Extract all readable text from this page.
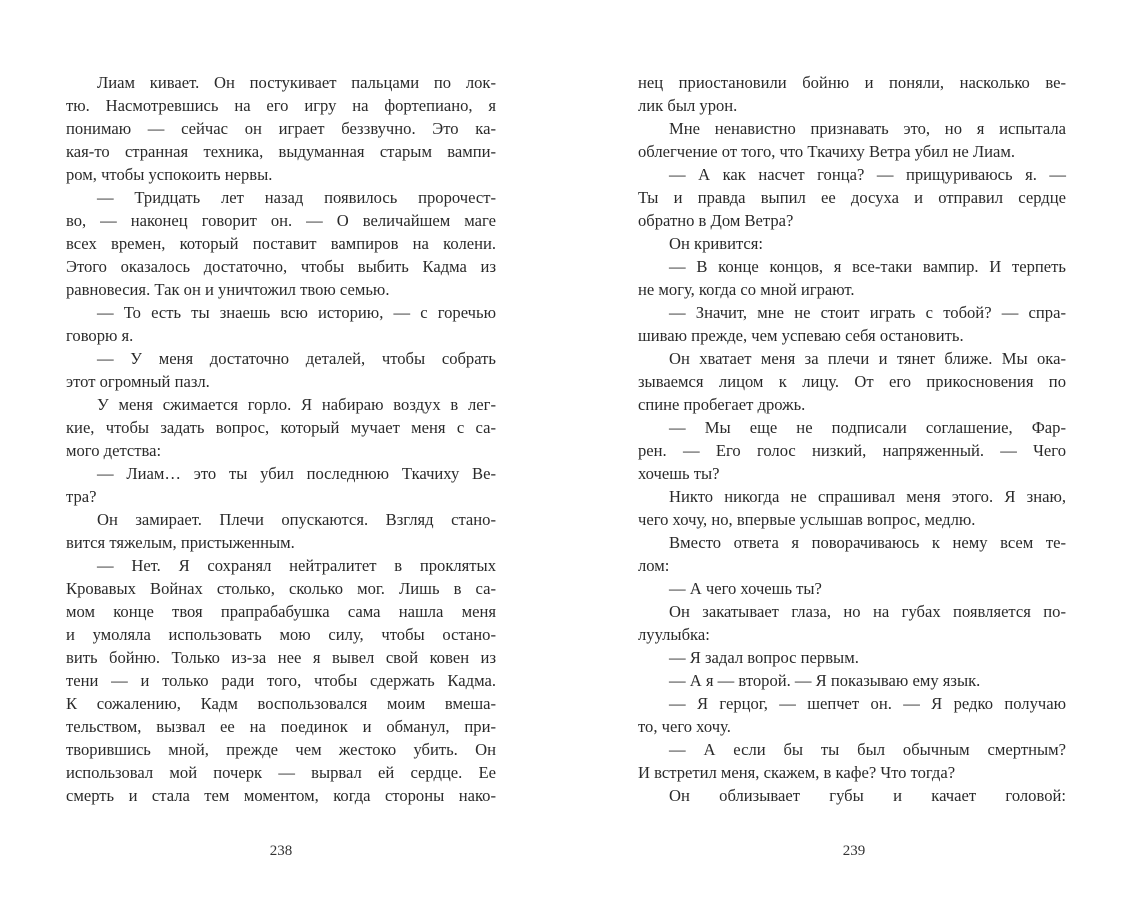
Лиам кивает. Он постукивает пальцами по лок-
тю. Насмотревшись на его игру на фортепиано, я
понимаю — сейчас он играет беззвучно. Это ка-
кая-то странная техника, выдуманная старым вампи-
ром, чтобы успокоить нервы.
— Тридцать лет назад появилось пророчест-
во, — наконец говорит он. — О величайшем маге
всех времен, который поставит вампиров на колени.
Этого оказалось достаточно, чтобы выбить Кадма из
равновесия. Так он и уничтожил твою семью.
— То есть ты знаешь всю историю, — с горечью
говорю я.
— У меня достаточно деталей, чтобы собрать
этот огромный пазл.
У меня сжимается горло. Я набираю воздух в лег-
кие, чтобы задать вопрос, который мучает меня с са-
мого детства:
— Лиам… это ты убил последнюю Ткачиху Ве-
тра?
Он замирает. Плечи опускаются. Взгляд стано-
вится тяжелым, пристыженным.
— Нет. Я сохранял нейтралитет в проклятых
Кровавых Войнах столько, сколько мог. Лишь в са-
мом конце твоя прапрабабушка сама нашла меня
и умоляла использовать мою силу, чтобы остано-
вить бойню. Только из-за нее я вывел свой ковен из
тени — и только ради того, чтобы сдержать Кадма.
К сожалению, Кадм воспользовался моим вмеша-
тельством, вызвал ее на поединок и обманул, при-
творившись мной, прежде чем жестоко убить. Он
использовал мой почерк — вырвал ей сердце. Ее
смерть и стала тем моментом, когда стороны нако-
нец приостановили бойню и поняли, насколько ве-
лик был урон.
Мне ненавистно признавать это, но я испытала
облегчение от того, что Ткачиху Ветра убил не Лиам.
— А как насчет гонца? — прищуриваюсь я. —
Ты и правда выпил ее досуха и отправил сердце
обратно в Дом Ветра?
Он кривится:
— В конце концов, я все-таки вампир. И терпеть
не могу, когда со мной играют.
— Значит, мне не стоит играть с тобой? — спра-
шиваю прежде, чем успеваю себя остановить.
Он хватает меня за плечи и тянет ближе. Мы ока-
зываемся лицом к лицу. От его прикосновения по
спине пробегает дрожь.
— Мы еще не подписали соглашение, Фар-
рен. — Его голос низкий, напряженный. — Чего
хочешь ты?
Никто никогда не спрашивал меня этого. Я знаю,
чего хочу, но, впервые услышав вопрос, медлю.
Вместо ответа я поворачиваюсь к нему всем те-
лом:
— А чего хочешь ты?
Он закатывает глаза, но на губах появляется по-
луулыбка:
— Я задал вопрос первым.
— А я — второй. — Я показываю ему язык.
— Я герцог, — шепчет он. — Я редко получаю
то, чего хочу.
— А если бы ты был обычным смертным?
И встретил меня, скажем, в кафе? Что тогда?
Он облизывает губы и качает головой:
238	239
